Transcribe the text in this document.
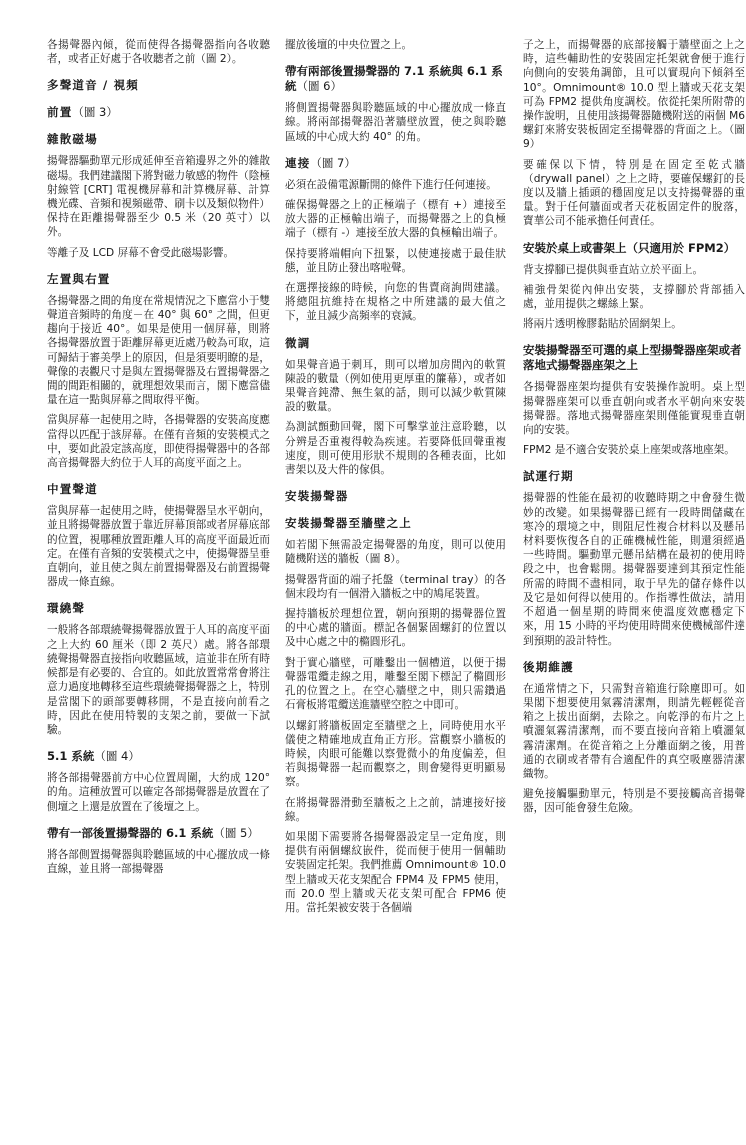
各揚聲器內傾，從而使得各揚聲器指向各收聽者，或者正好處于各收聽者之前（圖 2）。

多聲道音 / 視頻
前置（圖 3）
雜散磁場

揚聲器驅動單元形成延伸至音箱邊界之外的雜散磁場。我們建議閣下將對磁力敏感的物件（陰極射線管 [CRT] 電視機屏幕和計算機屏幕、計算機光碟、音頻和視頻磁帶、刷卡以及類似物件）保持在距離揚聲器至少 0.5 米（20 英寸）以外。

等離子及 LCD 屏幕不會受此磁場影響。

左置與右置

各揚聲器之間的角度在常規情況之下應當小于雙聲道音頻時的角度－在 40° 與 60° 之間，但更趨向于接近 40°。如果是使用一個屏幕，則將各揚聲器放置于距離屏幕更近處乃較為可取，這可歸結于審美學上的原因，但是須要明瞭的是，聲像的表觀尺寸是與左置揚聲器及右置揚聲器之間的間距相關的，就理想效果而言，閣下應當儘量在這一點與屏幕之間取得平衡。

當與屏幕一起使用之時，各揚聲器的安裝高度應當得以匹配于該屏幕。在僅有音頻的安裝模式之中，要如此設定該高度，即使得揚聲器中的各部高音揚聲器大約位于人耳的高度平面之上。

中置聲道

當與屏幕一起使用之時，使揚聲器呈水平朝向，並且將揚聲器放置于靠近屏幕頂部或者屏幕底部的位置，視哪種放置距離人耳的高度平面最近而定。在僅有音頻的安裝模式之中，使揚聲器呈垂直朝向，並且使之與左前置揚聲器及右前置揚聲器成一條直線。

環繞聲

一般將各部環繞聲揚聲器放置于人耳的高度平面之上大約 60 厘米（即 2 英尺）處。將各部環繞聲揚聲器直接指向收聽區域，這並非在所有時候都是有必要的、合宜的。如此放置常常會將注意力過度地轉移至這些環繞聲揚聲器之上，特別是當閣下的頭部要轉移開，不是直接向前看之時，因此在使用特製的支架之前，要做一下試驗。

5.1 系統（圖 4）

將各部揚聲器前方中心位置周圍，大約成 120° 的角。這種放置可以確定各部揚聲器是放置在了側壇之上還是放置在了後壇之上。

帶有一部後置揚聲器的 6.1 系統（圖 5）

將各部側置揚聲器與聆聽區域的中心擺放成一條直線，並且將一部揚聲器

擺放後壇的中央位置之上。

帶有兩部後置揚聲器的 7.1 系統與 6.1 系統（圖 6）

將側置揚聲器與聆聽區域的中心擺放成一條直線。將兩部揚聲器沿著牆壁放置，使之與聆聽區域的中心成大約 40° 的角。

連接（圖 7）

必須在設備電源斷開的條件下進行任何連接。

確保揚聲器之上的正極端子（標有 +）連接至放大器的正極輸出端子，而揚聲器之上的負極端子（標有 -）連接至放大器的負極輸出端子。

保持要將端帽向下扭緊，以使連接處于最佳狀態，並且防止發出喀啦聲。

在選擇接線的時候，向您的售賣商詢問建議。將總阻抗維持在規格之中所建議的最大值之下，並且減少高頻率的衰減。

微調

如果聲音過于刺耳，則可以增加房間內的軟質陳設的數量（例如使用更厚重的簾幕），或者如果聲音鈍滯、無生氣的話，則可以減少軟質陳設的數量。

為測試顫動回聲，閣下可擊掌並注意聆聽，以分辨是否重複得較為疾速。若要降低回聲重複速度，則可使用形狀不規則的各種表面，比如書架以及大件的傢俱。

安裝揚聲器
安裝揚聲器至牆壁之上

如若閣下無需設定揚聲器的角度，則可以使用隨機附送的牆板（圖 8）。

揚聲器背面的端子托盤（terminal tray）的各個末段均有一個滑入牆板之中的鳩尾裝置。

握持牆板於理想位置，朝向預期的揚聲器位置的中心處的牆面。標記各個緊固螺釘的位置以及中心處之中的橢圓形孔。

對于實心牆壁，可雕鑿出一個槽道，以便于揚聲器電纜走線之用，雕鑿至閣下標記了橢圓形孔的位置之上。在空心牆壁之中，則只需鑽過石膏板將電纜送進牆壁空腔之中即可。

以螺釘將牆板固定至牆壁之上，同時使用水平儀使之精確地成直角正方形。當觀察小牆板的時候，肉眼可能難以察覺微小的角度偏差，但若與揚聲器一起而觀察之，則會變得更明顯易察。

在將揚聲器滑動至牆板之上之前，請連接好接線。

如果閣下需要將各揚聲器設定呈一定角度，則提供有兩個螺紋嵌件，從而便于使用一個輔助安裝固定托架。我們推薦 Omnimount® 10.0 型上牆或天花支架配合 FPM4 及 FPM5 使用，而 20.0 型上牆或天花支架可配合 FPM6 使用。當托架被安裝于各個端

子之上，而揚聲器的底部接觸于牆壁面之上之時，這些輔助性的安裝固定托架就會便于進行向側向的安裝角調節，且可以實現向下傾斜至 10°。Omnimount® 10.0 型上牆或天花支架可為 FPM2 提供角度調校。依從托架所附帶的操作說明，且使用該揚聲器隨機附送的兩個 M6 螺釘來將安裝板固定至揚聲器的背面之上。（圖 9）

要確保以下情，特別是在固定至乾式牆（drywall panel）之上之時，要確保螺釘的長度以及牆上插頭的穩固度足以支持揚聲器的重量。對于任何牆面或者天花板固定件的脫落，寶華公司不能承擔任何責任。

安裝於桌上或書架上（只適用於 FPM2）

背支撐腳已提供與垂直站立於平面上。

補強骨架從內伸出安裝，支撐腳於背部插入處，並用提供之螺絲上緊。

將兩片透明橡膠黏貼於固網架上。

安裝揚聲器至可選的桌上型揚聲器座架或者落地式揚聲器座架之上

各揚聲器座架均提供有安裝操作說明。桌上型揚聲器座架可以垂直朝向或者水平朝向來安裝揚聲器。落地式揚聲器座架則僅能實現垂直朝向的安裝。

FPM2 是不適合安裝於桌上座架或落地座架。

試運行期

揚聲器的性能在最初的收聽時期之中會發生微妙的改變。如果揚聲器已經有一段時間儲藏在寒冷的環境之中，則阻尼性複合材料以及懸吊材料要恢復各自的正確機械性能，則還須經過一些時間。驅動單元懸吊結構在最初的使用時段之中，也會鬆開。揚聲器要達到其預定性能所需的時間不盡相同，取于早先的儲存條件以及它是如何得以使用的。作指導性做法，請用不超過一個星期的時間來使溫度效應穩定下來，用 15 小時的平均使用時間來使機械部件達到預期的設計特性。

後期維護

在通常情之下，只需對音箱進行除塵即可。如果閣下想要使用氣霧清潔劑，則請先輕輕從音箱之上拔出面網，去除之。向乾淨的布片之上噴灑氣霧清潔劑，而不要直接向音箱上噴灑氣霧清潔劑。在從音箱之上分離面網之後，用普通的衣刷或者帶有合適配件的真空吸塵器清潔織物。

避免接觸驅動單元，特別是不要接觸高音揚聲器，因可能會發生危險。
